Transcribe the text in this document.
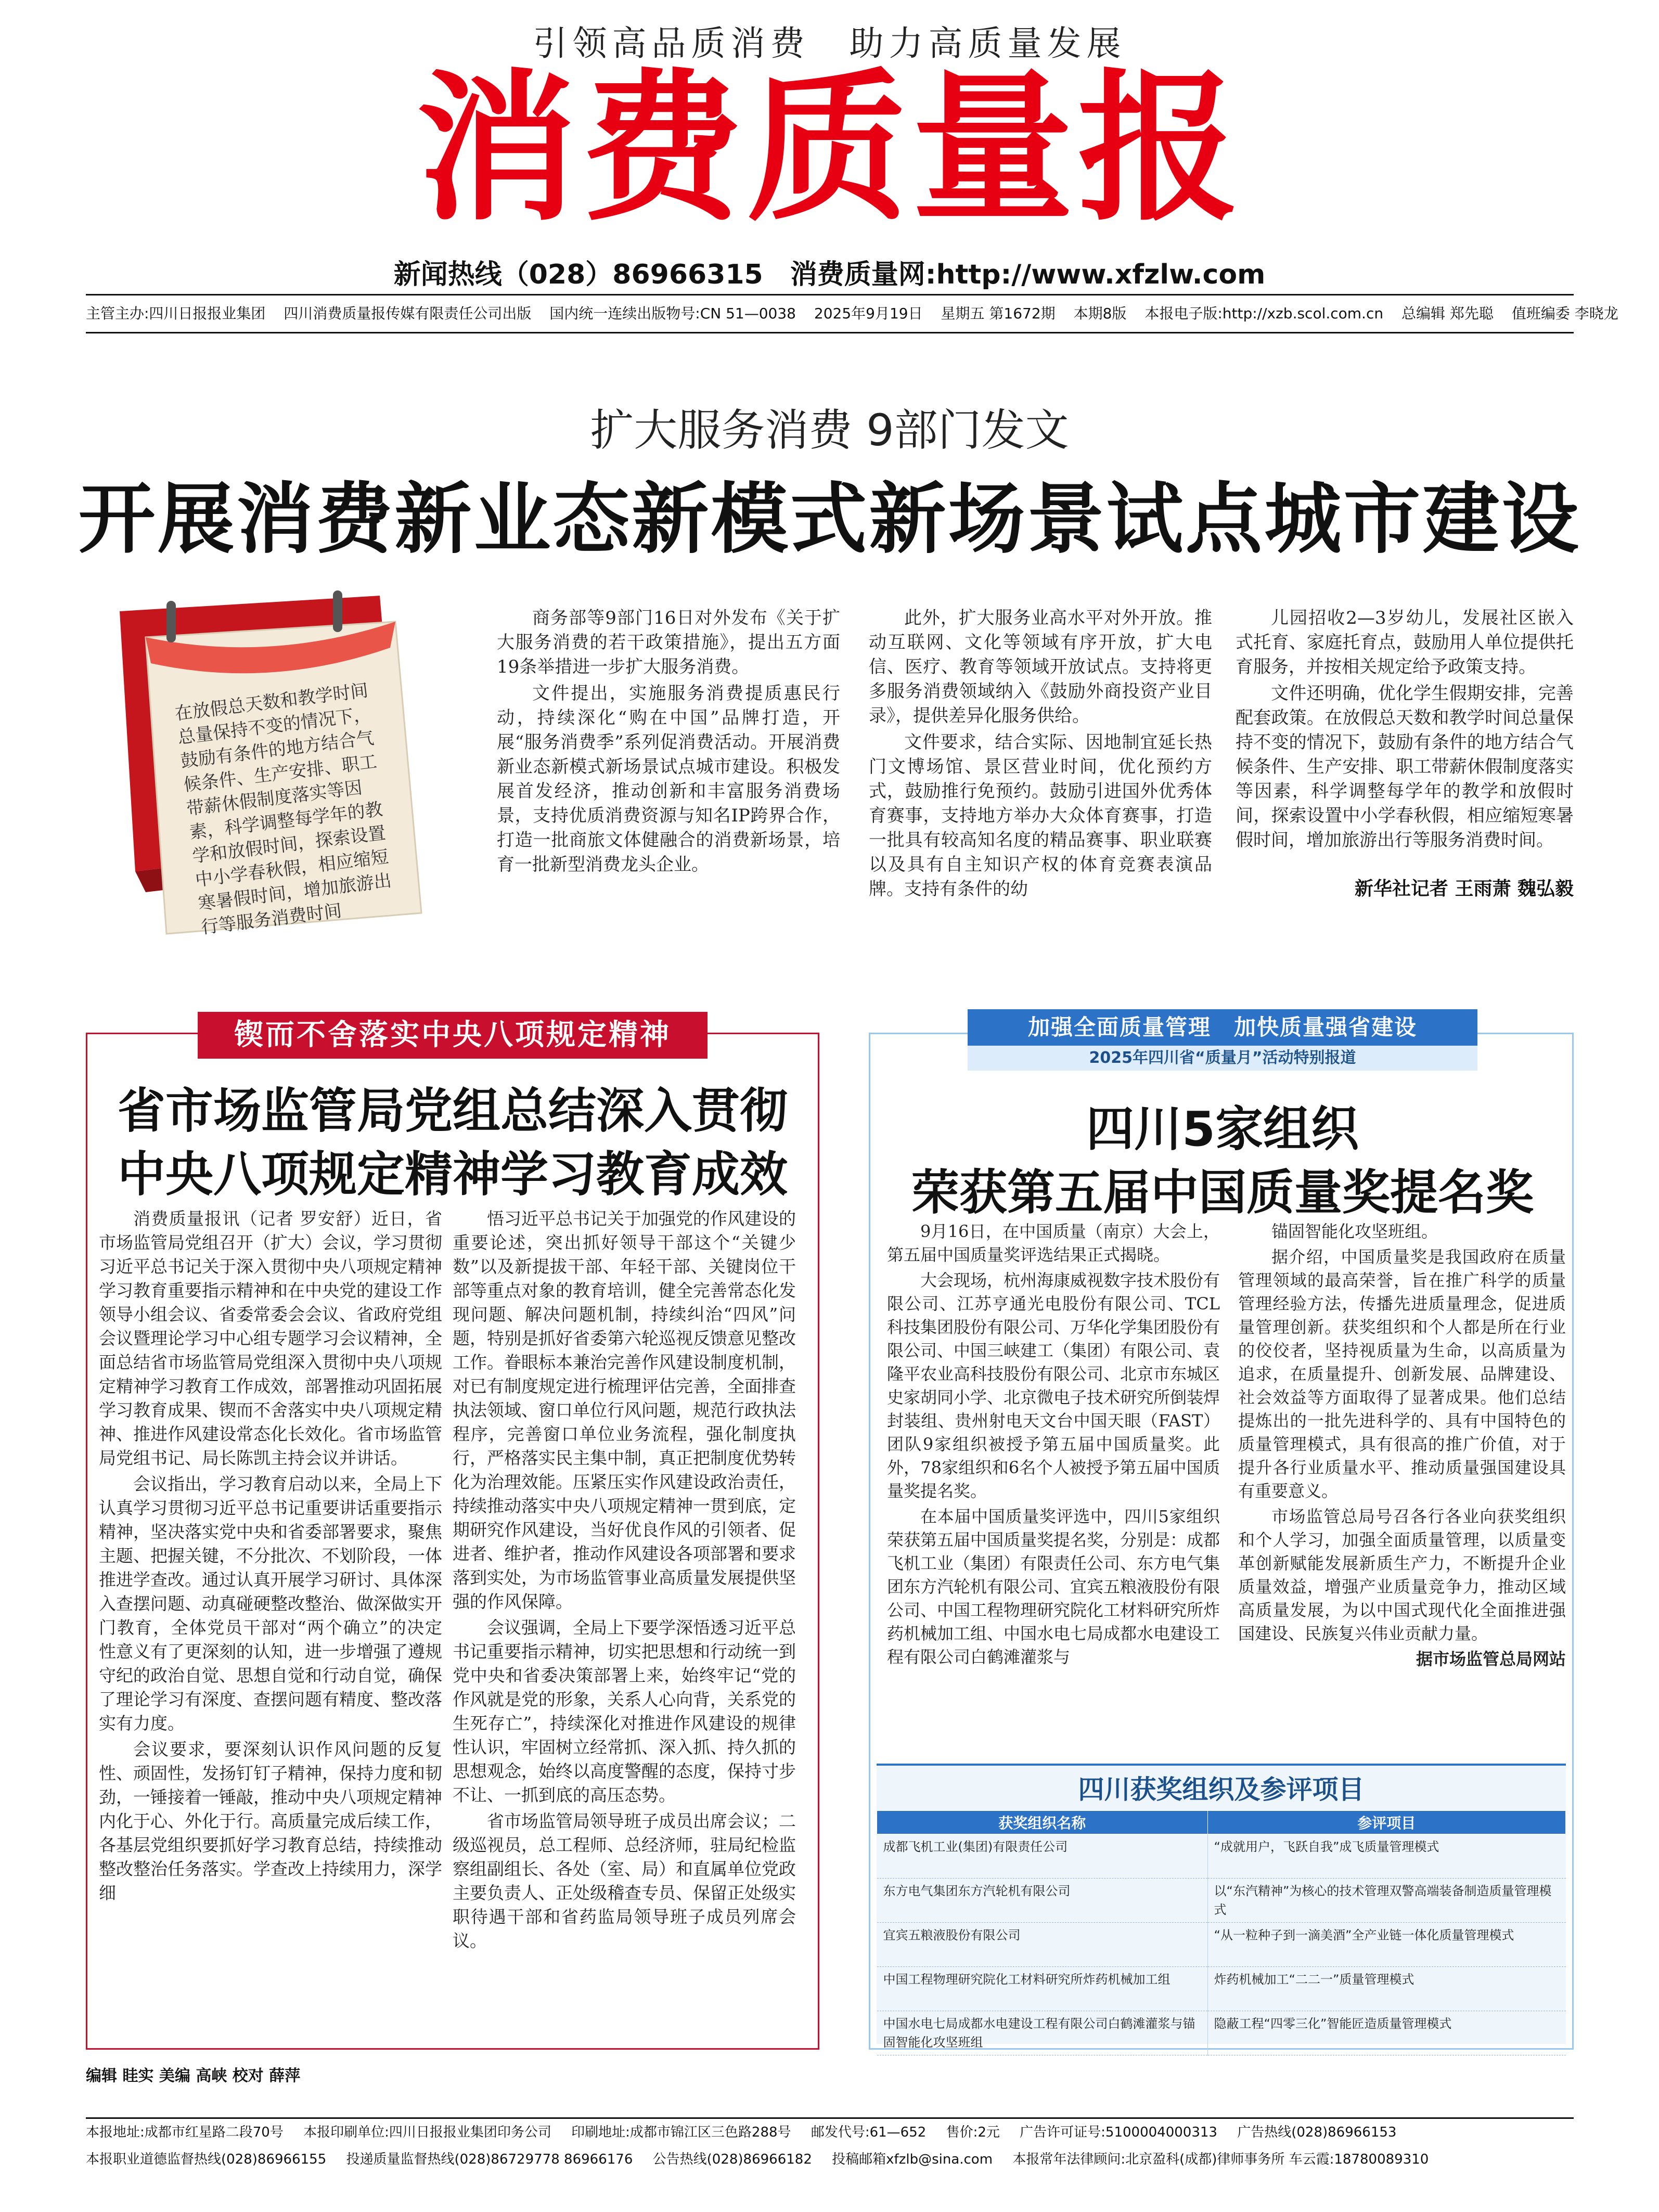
引领高品质消费　助力高质量发展
消费质量报
新闻热线（028）86966315　消费质量网:http://www.xfzlw.com
主管主办:四川日报报业集团 四川消费质量报传媒有限责任公司出版 国内统一连续出版物号:CN 51—0038 2025年9月19日 星期五 第1672期 本期8版 本报电子版:http://xzb.scol.com.cn 总编辑 郑先聪 值班编委 李晓龙
扩大服务消费 9部门发文
开展消费新业态新模式新场景试点城市建设
在放假总天数和教学时间总量保持不变的情况下，鼓励有条件的地方结合气候条件、生产安排、职工带薪休假制度落实等因素，科学调整每学年的教学和放假时间，探索设置中小学春秋假，相应缩短寒暑假时间，增加旅游出行等服务消费时间

商务部等9部门16日对外发布《关于扩大服务消费的若干政策措施》，提出五方面19条举措进一步扩大服务消费。

文件提出，实施服务消费提质惠民行动，持续深化“购在中国”品牌打造，开展“服务消费季”系列促消费活动。开展消费新业态新模式新场景试点城市建设。积极发展首发经济，推动创新和丰富服务消费场景，支持优质消费资源与知名IP跨界合作，打造一批商旅文体健融合的消费新场景，培育一批新型消费龙头企业。

此外，扩大服务业高水平对外开放。推动互联网、文化等领域有序开放，扩大电信、医疗、教育等领域开放试点。支持将更多服务消费领域纳入《鼓励外商投资产业目录》，提供差异化服务供给。

文件要求，结合实际、因地制宜延长热门文博场馆、景区营业时间，优化预约方式，鼓励推行免预约。鼓励引进国外优秀体育赛事，支持地方举办大众体育赛事，打造一批具有较高知名度的精品赛事、职业联赛以及具有自主知识产权的体育竞赛表演品牌。支持有条件的幼

儿园招收2—3岁幼儿，发展社区嵌入式托育、家庭托育点，鼓励用人单位提供托育服务，并按相关规定给予政策支持。

文件还明确，优化学生假期安排，完善配套政策。在放假总天数和教学时间总量保持不变的情况下，鼓励有条件的地方结合气候条件、生产安排、职工带薪休假制度落实等因素，科学调整每学年的教学和放假时间，探索设置中小学春秋假，相应缩短寒暑假时间，增加旅游出行等服务消费时间。

新华社记者 王雨萧 魏弘毅
锲而不舍落实中央八项规定精神
省市场监管局党组总结深入贯彻
中央八项规定精神学习教育成效

消费质量报讯（记者 罗安舒）近日，省市场监管局党组召开（扩大）会议，学习贯彻习近平总书记关于深入贯彻中央八项规定精神学习教育重要指示精神和在中央党的建设工作领导小组会议、省委常委会会议、省政府党组会议暨理论学习中心组专题学习会议精神，全面总结省市场监管局党组深入贯彻中央八项规定精神学习教育工作成效，部署推动巩固拓展学习教育成果、锲而不舍落实中央八项规定精神、推进作风建设常态化长效化。省市场监管局党组书记、局长陈凯主持会议并讲话。

会议指出，学习教育启动以来，全局上下认真学习贯彻习近平总书记重要讲话重要指示精神，坚决落实党中央和省委部署要求，聚焦主题、把握关键，不分批次、不划阶段，一体推进学查改。通过认真开展学习研讨、具体深入查摆问题、动真碰硬整改整治、做深做实开门教育，全体党员干部对“两个确立”的决定性意义有了更深刻的认知，进一步增强了遵规守纪的政治自觉、思想自觉和行动自觉，确保了理论学习有深度、查摆问题有精度、整改落实有力度。

会议要求，要深刻认识作风问题的反复性、顽固性，发扬钉钉子精神，保持力度和韧劲，一锤接着一锤敲，推动中央八项规定精神内化于心、外化于行。高质量完成后续工作，各基层党组织要抓好学习教育总结，持续推动整改整治任务落实。学查改上持续用力，深学细

悟习近平总书记关于加强党的作风建设的重要论述，突出抓好领导干部这个“关键少数”以及新提拔干部、年轻干部、关键岗位干部等重点对象的教育培训，健全完善常态化发现问题、解决问题机制，持续纠治“四风”问题，特别是抓好省委第六轮巡视反馈意见整改工作。眷眼标本兼治完善作风建设制度机制，对已有制度规定进行梳理评估完善，全面排查执法领域、窗口单位行风问题，规范行政执法程序，完善窗口单位业务流程，强化制度执行，严格落实民主集中制，真正把制度优势转化为治理效能。压紧压实作风建设政治责任，持续推动落实中央八项规定精神一贯到底，定期研究作风建设，当好优良作风的引领者、促进者、维护者，推动作风建设各项部署和要求落到实处，为市场监管事业高质量发展提供坚强的作风保障。

会议强调，全局上下要学深悟透习近平总书记重要指示精神，切实把思想和行动统一到党中央和省委决策部署上来，始终牢记“党的作风就是党的形象，关系人心向背，关系党的生死存亡”，持续深化对推进作风建设的规律性认识，牢固树立经常抓、深入抓、持久抓的思想观念，始终以高度警醒的态度，保持寸步不让、一抓到底的高压态势。

省市场监管局领导班子成员出席会议；二级巡视员，总工程师、总经济师，驻局纪检监察组副组长、各处（室、局）和直属单位党政主要负责人、正处级稽查专员、保留正处级实职待遇干部和省药监局领导班子成员列席会议。

加强全面质量管理　加快质量强省建设
2025年四川省“质量月”活动特别报道
四川5家组织
荣获第五届中国质量奖提名奖

9月16日，在中国质量（南京）大会上，第五届中国质量奖评选结果正式揭晓。

大会现场，杭州海康威视数字技术股份有限公司、江苏亨通光电股份有限公司、TCL科技集团股份有限公司、万华化学集团股份有限公司、中国三峡建工（集团）有限公司、袁隆平农业高科技股份有限公司、北京市东城区史家胡同小学、北京微电子技术研究所倒装焊封装组、贵州射电天文台中国天眼（FAST）团队9家组织被授予第五届中国质量奖。此外，78家组织和6名个人被授予第五届中国质量奖提名奖。

在本届中国质量奖评选中，四川5家组织荣获第五届中国质量奖提名奖，分别是：成都飞机工业（集团）有限责任公司、东方电气集团东方汽轮机有限公司、宜宾五粮液股份有限公司、中国工程物理研究院化工材料研究所炸药机械加工组、中国水电七局成都水电建设工程有限公司白鹤滩灌浆与

锚固智能化攻坚班组。

据介绍，中国质量奖是我国政府在质量管理领域的最高荣誉，旨在推广科学的质量管理经验方法，传播先进质量理念，促进质量管理创新。获奖组织和个人都是所在行业的佼佼者，坚持视质量为生命，以高质量为追求，在质量提升、创新发展、品牌建设、社会效益等方面取得了显著成果。他们总结提炼出的一批先进科学的、具有中国特色的质量管理模式，具有很高的推广价值，对于提升各行业质量水平、推动质量强国建设具有重要意义。

市场监管总局号召各行各业向获奖组织和个人学习，加强全面质量管理，以质量变革创新赋能发展新质生产力，不断提升企业质量效益，增强产业质量竞争力，推动区域高质量发展，为以中国式现代化全面推进强国建设、民族复兴伟业贡献力量。

据市场监管总局网站
四川获奖组织及参评项目
获奖组织名称	参评项目
成都飞机工业(集团)有限责任公司	“成就用户，飞跃自我”成飞质量管理模式
东方电气集团东方汽轮机有限公司	以“东汽精神”为核心的技术管理双警高端装备制造质量管理模式
宜宾五粮液股份有限公司	“从一粒种子到一滴美酒”全产业链一体化质量管理模式
中国工程物理研究院化工材料研究所炸药机械加工组	炸药机械加工“二二一”质量管理模式
中国水电七局成都水电建设工程有限公司白鹤滩灌浆与锚固智能化攻坚班组	隐蔽工程“四零三化”智能匠造质量管理模式
编辑 眭实 美编 高峡 校对 薛萍
本报地址:成都市红星路二段70号 本报印刷单位:四川日报报业集团印务公司 印刷地址:成都市锦江区三色路288号 邮发代号:61—652 售价:2元 广告许可证号:5100004000313 广告热线(028)86966153
本报职业道德监督热线(028)86966155 投递质量监督热线(028)86729778 86966176 公告热线(028)86966182 投稿邮箱xfzlb@sina.com 本报常年法律顾问:北京盈科(成都)律师事务所 车云霞:18780089310
